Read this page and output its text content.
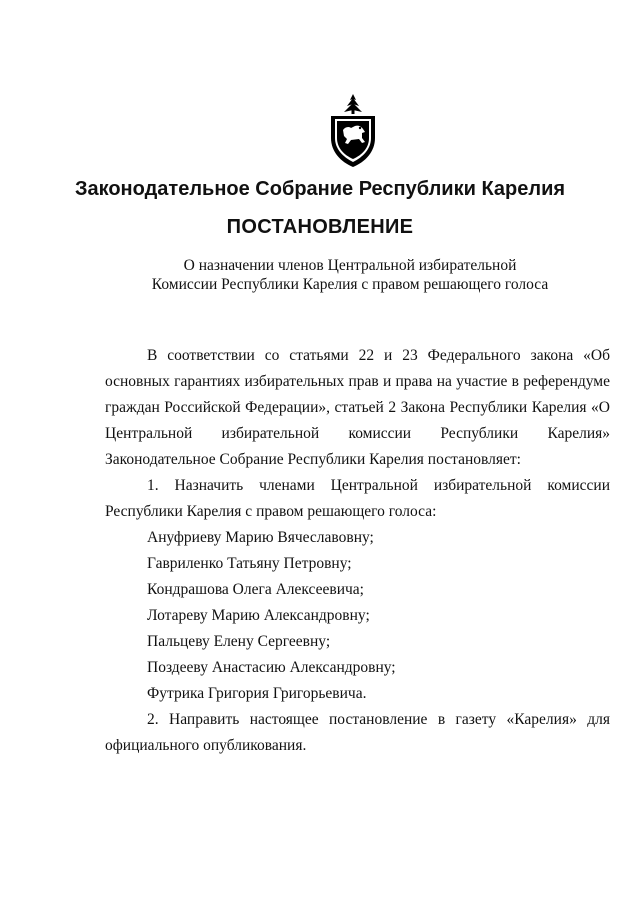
Законодательное Собрание Республики Карелия
ПОСТАНОВЛЕНИЕ
О назначении членов Центральной избирательной
Комиссии Республики Карелия с правом решающего голоса

В соответствии со статьями 22 и 23 Федерального закона «Об основных гарантиях избирательных прав и права на участие в референдуме граждан Российской Федерации», статьей 2 Закона Республики Карелия «О Центральной избирательной комиссии Республики Карелия» Законодательное Собрание Республики Карелия постановляет:

1. Назначить членами Центральной избирательной комиссии Республики Карелия с правом решающего голоса:

Ануфриеву Марию Вячеславовну;
Гавриленко Татьяну Петровну;
Кондрашова Олега Алексеевича;
Лотареву Марию Александровну;
Пальцеву Елену Сергеевну;
Поздееву Анастасию Александровну;
Футрика Григория Григорьевича.

2. Направить настоящее постановление в газету «Карелия» для официального опубликования.
